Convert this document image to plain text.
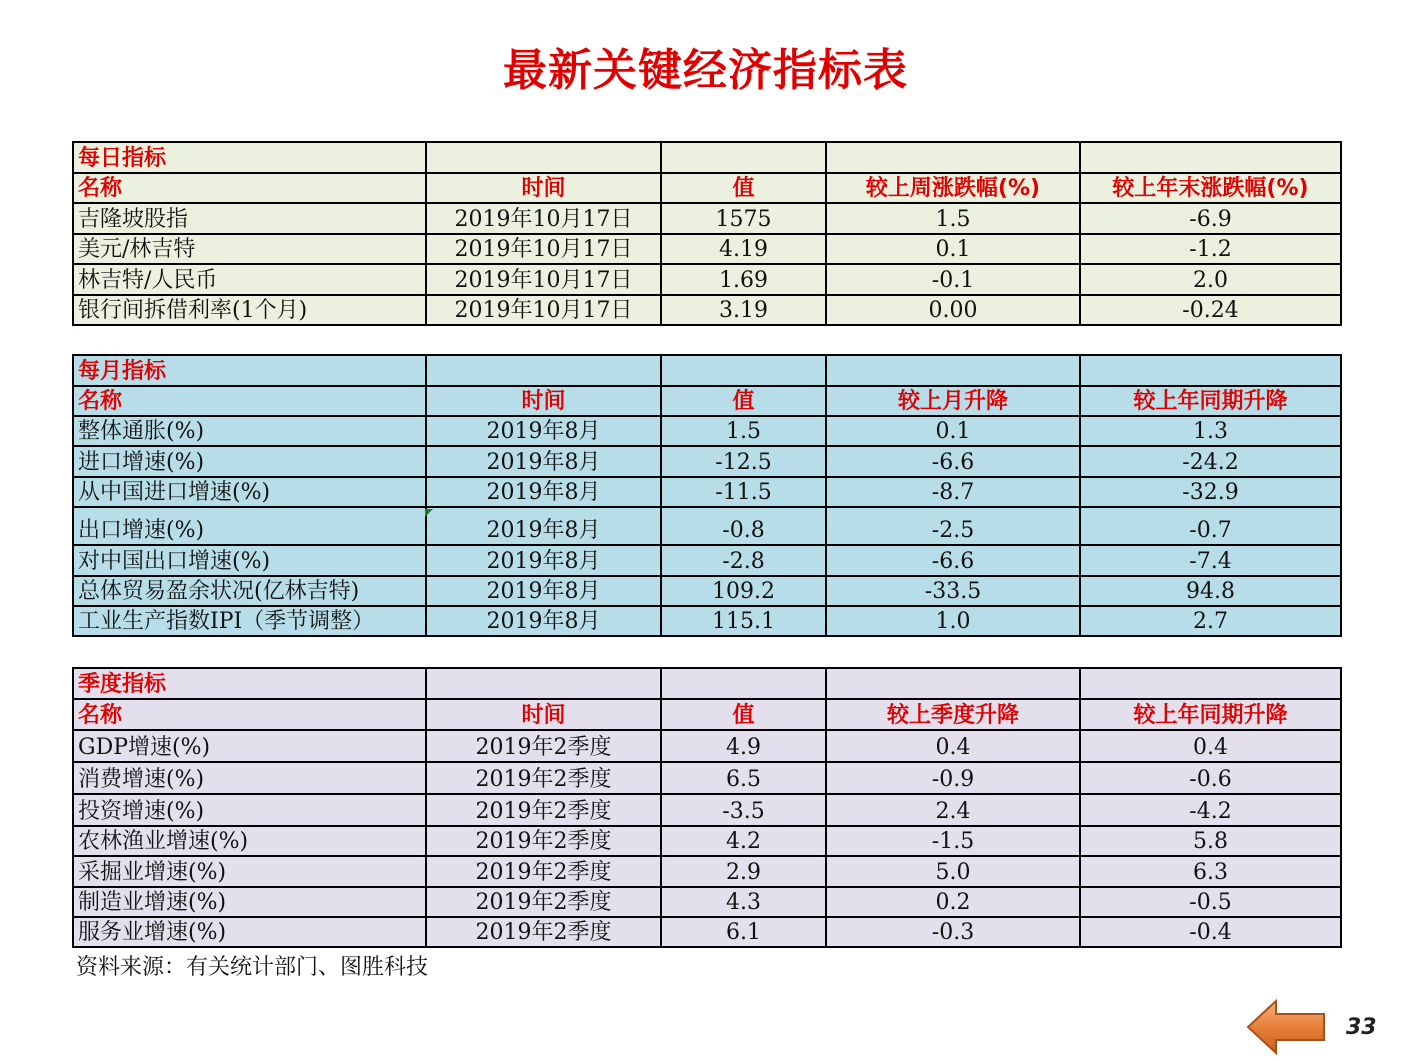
最新关键经济指标表
每日指标				
名称	时间	值	较上周涨跌幅(%)	较上年末涨跌幅(%)
吉隆坡股指	2019年10月17日	1575	1.5	-6.9
美元/林吉特	2019年10月17日	4.19	0.1	-1.2
林吉特/人民币	2019年10月17日	1.69	-0.1	2.0
银行间拆借利率(1个月)	2019年10月17日	3.19	0.00	-0.24
每月指标				
名称	时间	值	较上月升降	较上年同期升降
整体通胀(%)	2019年8月	1.5	0.1	1.3
进口增速(%)	2019年8月	-12.5	-6.6	-24.2
从中国进口增速(%)	2019年8月	-11.5	-8.7	-32.9
出口增速(%)	2019年8月	-0.8	-2.5	-0.7
对中国出口增速(%)	2019年8月	-2.8	-6.6	-7.4
总体贸易盈余状况(亿林吉特)	2019年8月	109.2	-33.5	94.8
工业生产指数IPI（季节调整）	2019年8月	115.1	1.0	2.7
季度指标				
名称	时间	值	较上季度升降	较上年同期升降
GDP增速(%)	2019年2季度	4.9	0.4	0.4
消费增速(%)	2019年2季度	6.5	-0.9	-0.6
投资增速(%)	2019年2季度	-3.5	2.4	-4.2
农林渔业增速(%)	2019年2季度	4.2	-1.5	5.8
采掘业增速(%)	2019年2季度	2.9	5.0	6.3
制造业增速(%)	2019年2季度	4.3	0.2	-0.5
服务业增速(%)	2019年2季度	6.1	-0.3	-0.4
资料来源：有关统计部门、图胜科技
33
